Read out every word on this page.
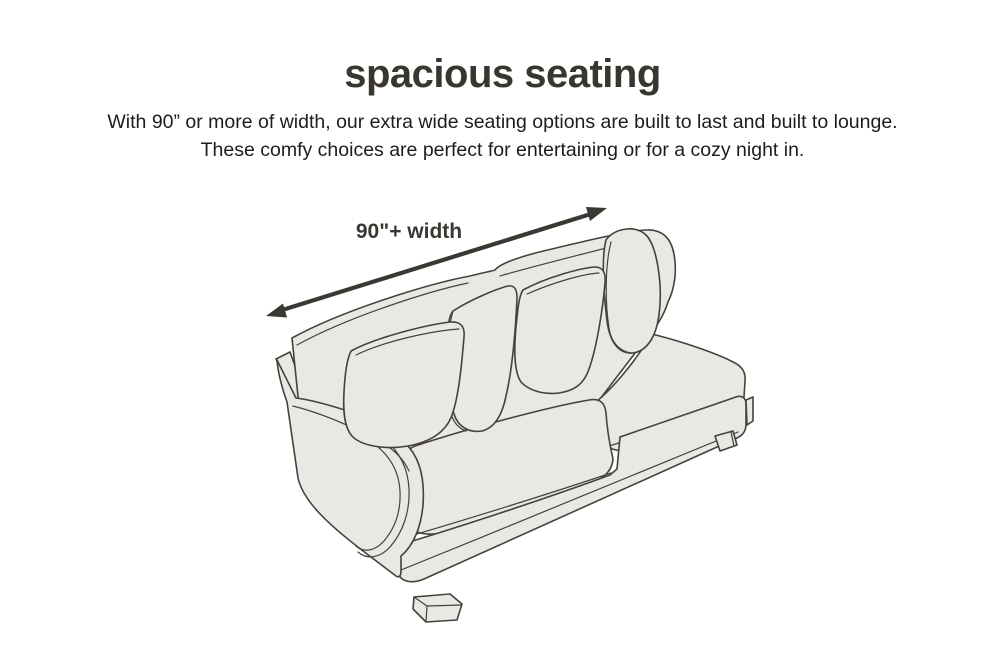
90"+ width
spacious seating

With 90” or more of width, our extra wide seating options are built to last and built to lounge.
These comfy choices are perfect for entertaining or for a cozy night in.
